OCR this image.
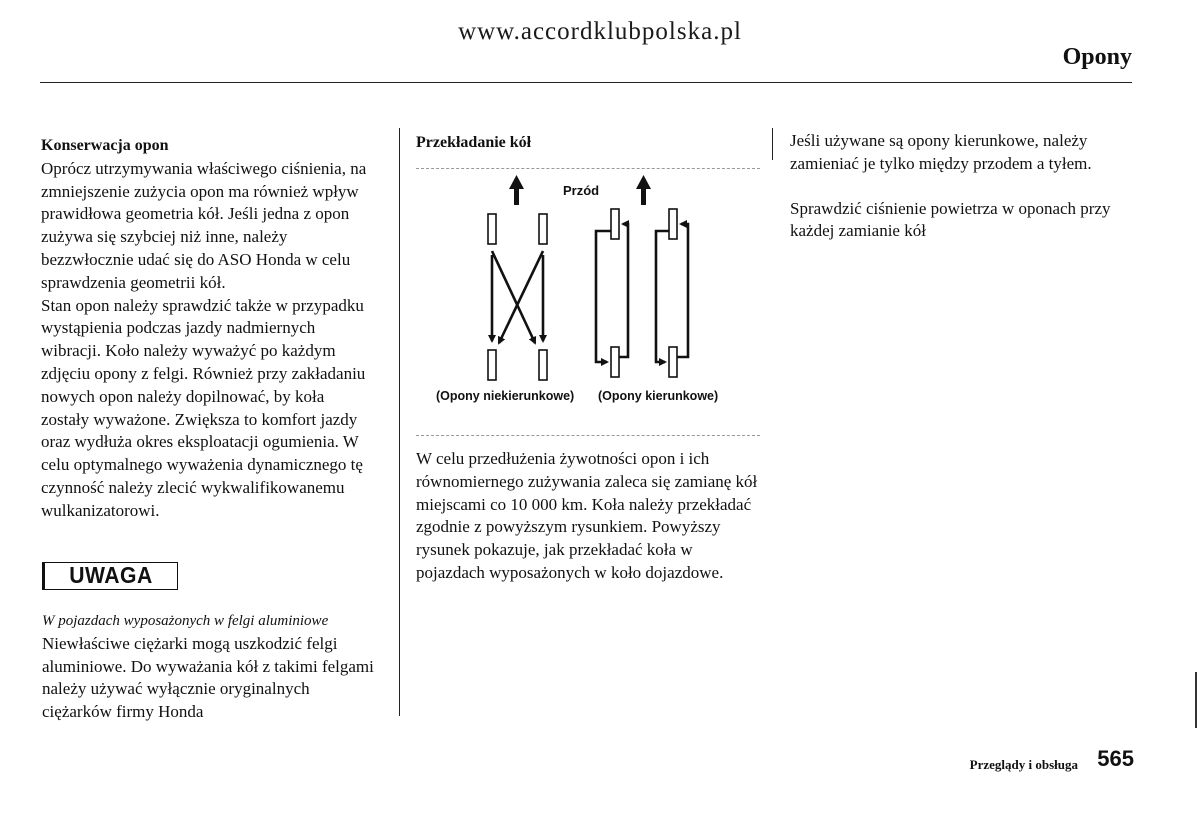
www.accordklubpolska.pl
Opony

Konserwacja opon

Oprócz utrzymywania właściwego ciśnienia, na zmniejszenie zużycia opon ma również wpływ prawidłowa geometria kół. Jeśli jedna z opon zużywa się szybciej niż inne, należy bezzwłocznie udać się do ASO Honda w celu sprawdzenia geometrii kół.

Stan opon należy sprawdzić także w przypadku wystąpienia podczas jazdy nadmiernych wibracji. Koło należy wyważyć po każdym zdjęciu opony z felgi. Również przy zakładaniu nowych opon należy dopilnować, by koła zostały wyważone. Zwiększa to komfort jazdy oraz wydłuża okres eksploatacji ogumienia. W celu optymalnego wyważenia dynamicznego tę czynność należy zlecić wykwalifikowanemu wulkanizatorowi.

UWAGA

W pojazdach wyposażonych w felgi aluminiowe

Niewłaściwe ciężarki mogą uszkodzić felgi aluminiowe. Do wyważania kół z takimi felgami należy używać wyłącznie oryginalnych ciężarków firmy Honda

Przekładanie kół

Przód
(Opony niekierunkowe) (Opony kierunkowe)

W celu przedłużenia żywotności opon i ich równomiernego zużywania zaleca się zamianę kół miejscami co 10 000 km. Koła należy przekładać zgodnie z powyższym rysunkiem. Powyższy rysunek pokazuje, jak przekładać koła w pojazdach wyposażonych w koło dojazdowe.

Jeśli używane są opony kierunkowe, należy zamieniać je tylko między przodem a tyłem.

Sprawdzić ciśnienie powietrza w oponach przy każdej zamianie kół

Przeglądy i obsługa 565
